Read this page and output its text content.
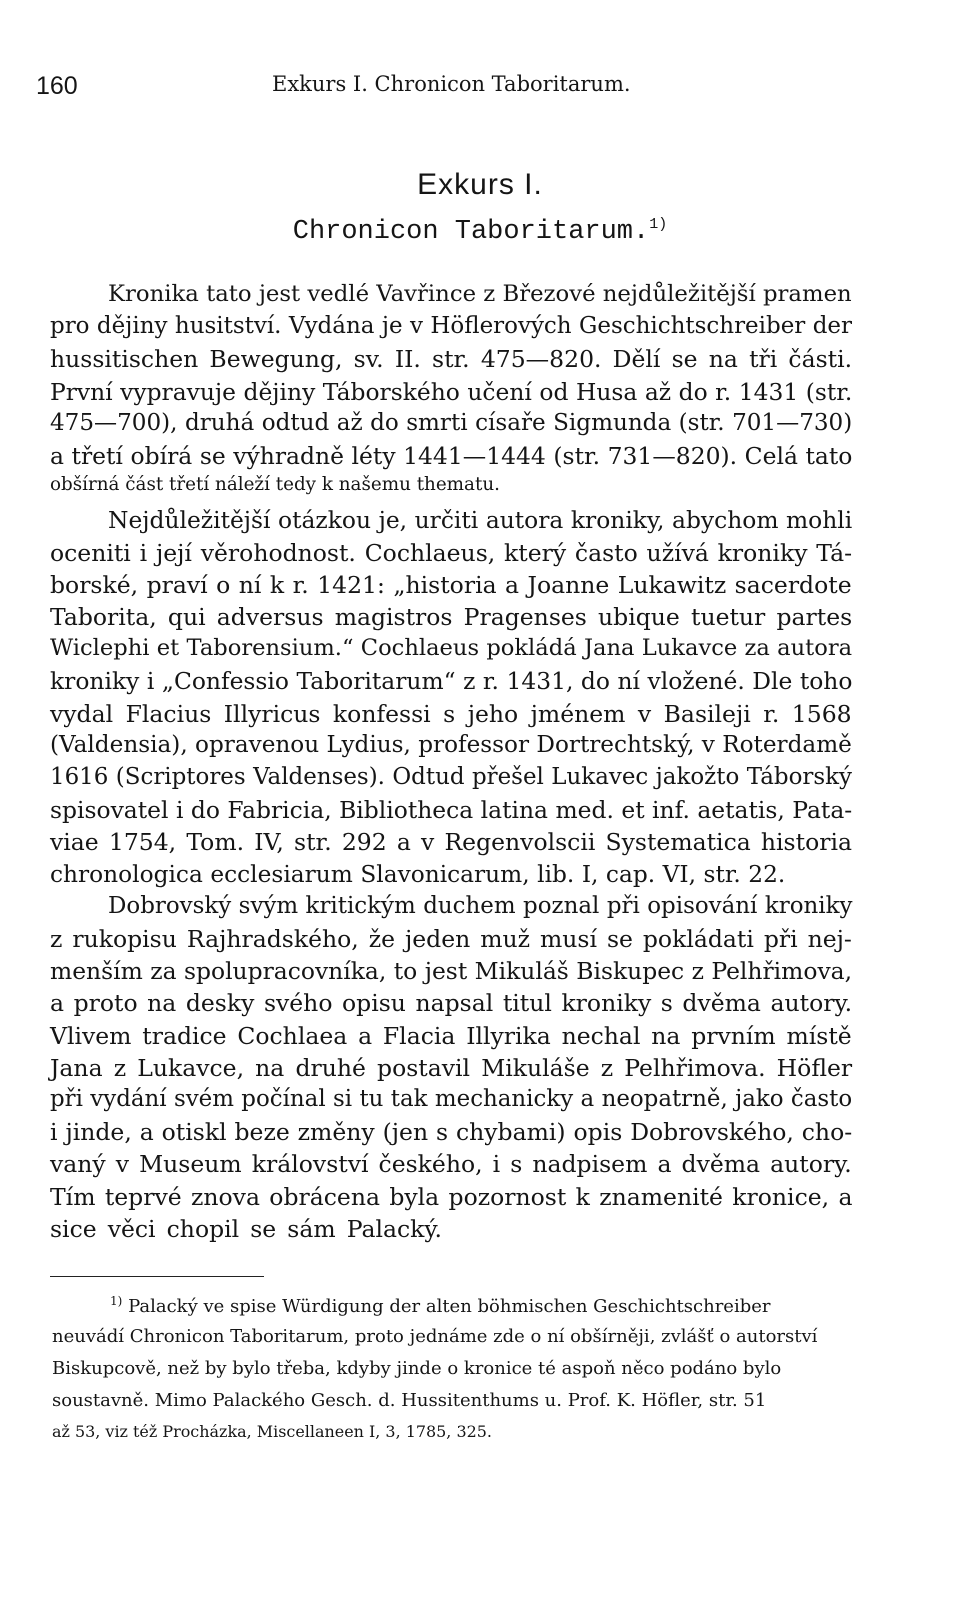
160	Exkurs I. Chronicon Taboritarum.
Exkurs I.
Chronicon Taboritarum.$^{1)}$
Kronika tato jest vedlé Vavřince z Březové nejdůležitější pramen
pro dějiny husitství. Vydána je v Höflerových Geschichtschreiber der
hussitischen Bewegung, sv. II. str. 475—820. Dělí se na tři části.
První vypravuje dějiny Táborského učení od Husa až do r. 1431 (str.
475—700), druhá odtud až do smrti císaře Sigmunda (str. 701—730)
a třetí obírá se výhradně léty 1441—1444 (str. 731—820). Celá tato
obšírná část třetí náleží tedy k našemu thematu.
Nejdůležitější otázkou je, určiti autora kroniky, abychom mohli
oceniti i její věrohodnost. Cochlaeus, který často užívá kroniky Tá-
borské, praví o ní k r. 1421: „historia a Joanne Lukawitz sacerdote
Taborita, qui adversus magistros Pragenses ubique tuetur partes
Wiclephi et Taborensium.“ Cochlaeus pokládá Jana Lukavce za autora
kroniky i „Confessio Taboritarum“ z r. 1431, do ní vložené. Dle toho
vydal Flacius Illyricus konfessi s jeho jménem v Basileji r. 1568
(Valdensia), opravenou Lydius, professor Dortrechtský, v Roterdamě
1616 (Scriptores Valdenses). Odtud přešel Lukavec jakožto Táborský
spisovatel i do Fabricia, Bibliotheca latina med. et inf. aetatis, Pata-
viae 1754, Tom. IV, str. 292 a v Regenvolscii Systematica historia
chronologica ecclesiarum Slavonicarum, lib. I, cap. VI, str. 22.
Dobrovský svým kritickým duchem poznal při opisování kroniky
z rukopisu Rajhradského, že jeden muž musí se pokládati při nej-
menším za spolupracovníka, to jest Mikuláš Biskupec z Pelhřimova,
a proto na desky svého opisu napsal titul kroniky s dvěma autory.
Vlivem tradice Cochlaea a Flacia Illyrika nechal na prvním místě
Jana z Lukavce, na druhé postavil Mikuláše z Pelhřimova. Höfler
při vydání svém počínal si tu tak mechanicky a neopatrně, jako často
i jinde, a otiskl beze změny (jen s chybami) opis Dobrovského, cho-
vaný v Museum království českého, i s nadpisem a dvěma autory.
Tím teprvé znova obrácena byla pozornost k znamenité kronice, a
sice věci chopil se sám Palacký.
$^{1)}$ Palacký ve spise Würdigung der alten böhmischen Geschichtschreiber
neuvádí Chronicon Taboritarum, proto jednáme zde o ní obšírněji, zvlášť o autorství
Biskupcově, než by bylo třeba, kdyby jinde o kronice té aspoň něco podáno bylo
soustavně. Mimo Palackého Gesch. d. Hussitenthums u. Prof. K. Höfler, str. 51
až 53, viz též Procházka, Miscellaneen I, 3, 1785, 325.
